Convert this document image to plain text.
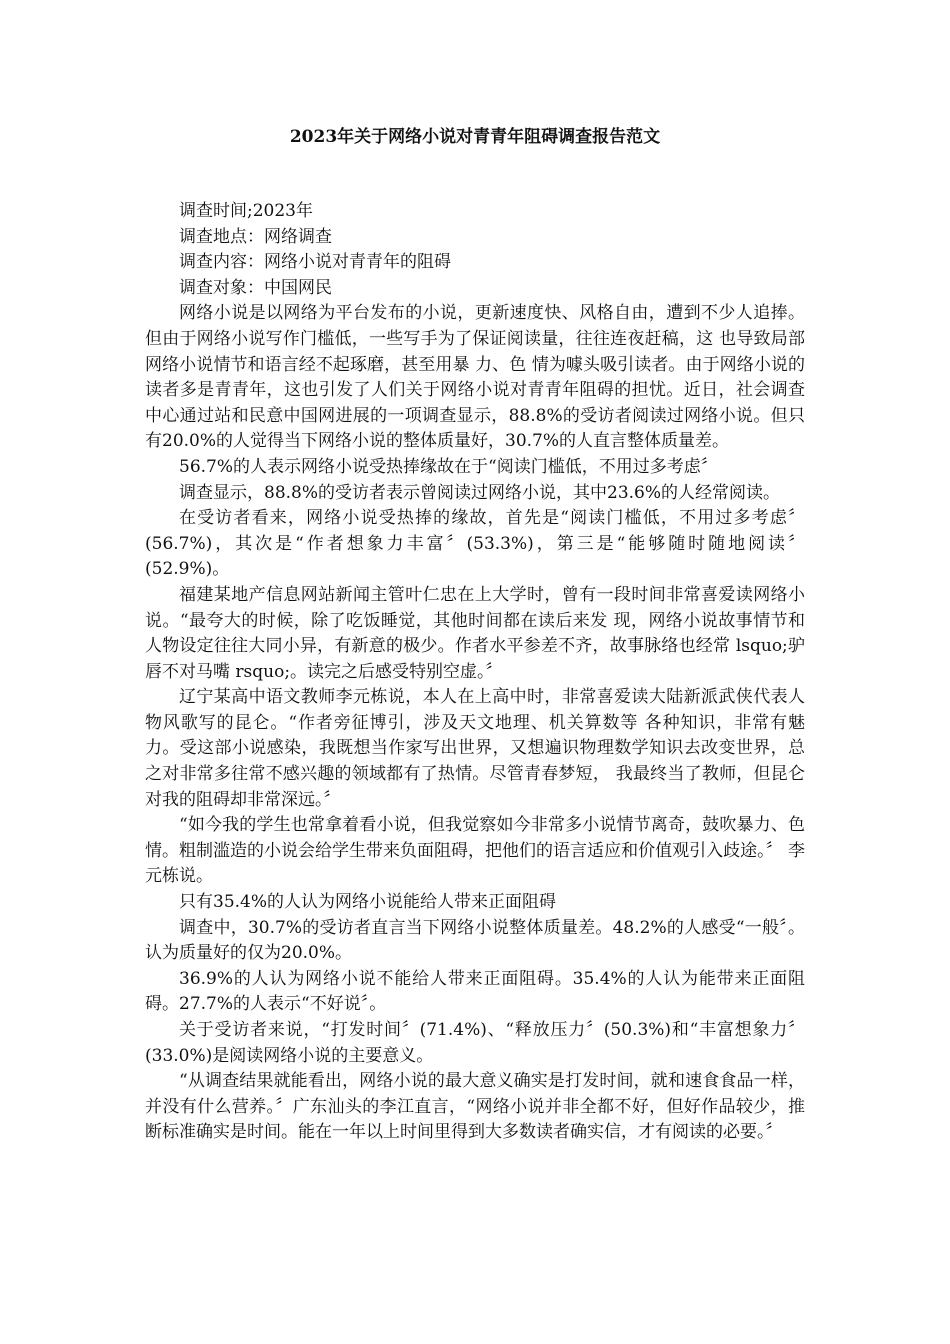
2023年关于网络小说对青青年阻碍调查报告范文

调查时间;2023年

调查地点：网络调查

调查内容：网络小说对青青年的阻碍

调查对象：中国网民

网络小说是以网络为平台发布的小说，更新速度快、风格自由，遭到不少人追捧。但由于网络小说写作门槛低，一些写手为了保证阅读量，往往连夜赶稿，这 也导致局部网络小说情节和语言经不起琢磨，甚至用暴 力、色 情为噱头吸引读者。由于网络小说的读者多是青青年，这也引发了人们关于网络小说对青青年阻碍的担忧。近日，社会调查中心通过站和民意中国网进展的一项调查显示，88.8%的受访者阅读过网络小说。但只有20.0%的人觉得当下网络小说的整体质量好，30.7%的人直言整体质量差。

56.7%的人表示网络小说受热捧缘故在于“阅读门槛低，不用过多考虑〞

调查显示，88.8%的受访者表示曾阅读过网络小说，其中23.6%的人经常阅读。

在受访者看来，网络小说受热捧的缘故，首先是“阅读门槛低，不用过多考虑〞(56.7%)，其次是“作者想象力丰富〞(53.3%)，第三是“能够随时随地阅读〞(52.9%)。

福建某地产信息网站新闻主管叶仁忠在上大学时，曾有一段时间非常喜爱读网络小说。“最夸大的时候，除了吃饭睡觉，其他时间都在读后来发 现，网络小说故事情节和人物设定往往大同小异，有新意的极少。作者水平参差不齐，故事脉络也经常 lsquo;驴唇不对马嘴 rsquo;。读完之后感受特别空虚。〞

辽宁某高中语文教师李元栋说，本人在上高中时，非常喜爱读大陆新派武侠代表人物风歌写的昆仑。“作者旁征博引，涉及天文地理、机关算数等 各种知识，非常有魅力。受这部小说感染，我既想当作家写出世界，又想遍识物理数学知识去改变世界，总之对非常多往常不感兴趣的领域都有了热情。尽管青春梦短， 我最终当了教师，但昆仑对我的阻碍却非常深远。〞

“如今我的学生也常拿着看小说，但我觉察如今非常多小说情节离奇，鼓吹暴力、色情。粗制滥造的小说会给学生带来负面阻碍，把他们的语言适应和价值观引入歧途。〞 李元栋说。

只有35.4%的人认为网络小说能给人带来正面阻碍

调查中，30.7%的受访者直言当下网络小说整体质量差。48.2%的人感受“一般〞。认为质量好的仅为20.0%。

36.9%的人认为网络小说不能给人带来正面阻碍。35.4%的人认为能带来正面阻碍。27.7%的人表示“不好说〞。

关于受访者来说，“打发时间〞(71.4%)、“释放压力〞(50.3%)和“丰富想象力〞(33.0%)是阅读网络小说的主要意义。

“从调查结果就能看出，网络小说的最大意义确实是打发时间，就和速食食品一样，并没有什么营养。〞广东汕头的李江直言，“网络小说并非全都不好，但好作品较少，推断标准确实是时间。能在一年以上时间里得到大多数读者确实信，才有阅读的必要。〞
